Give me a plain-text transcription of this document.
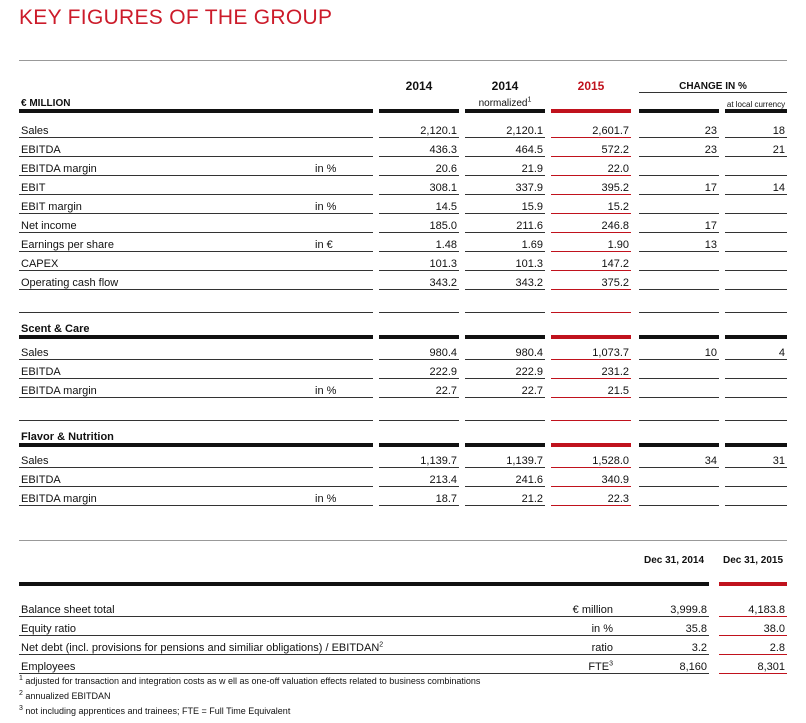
KEY FIGURES OF THE GROUP
			2014		2014		2015		CHANGE IN %		
€ MILLION					normalized$^1$						at local currency

Sales			2,120.1		2,120.1		2,601.7		23		18
EBITDA			436.3		464.5		572.2		23		21
EBITDA margin	in %		20.6		21.9		22.0				
EBIT			308.1		337.9		395.2		17		14
EBIT margin	in %		14.5		15.9		15.2				
Net income			185.0		211.6		246.8		17		
Earnings per share	in €		1.48		1.69		1.90		13		
CAPEX			101.3		101.3		147.2				
Operating cash flow			343.2		343.2		375.2				

Scent & Care											

Sales			980.4		980.4		1,073.7		10		4
EBITDA			222.9		222.9		231.2				
EBITDA margin	in %		22.7		22.7		21.5				

Flavor & Nutrition											

Sales			1,139.7		1,139.7		1,528.0		34		31
EBITDA			213.4		241.6		340.9				
EBITDA margin	in %		18.7		21.2		22.3				
			Dec 31, 2014		Dec 31, 2015

Balance sheet total	€ million		3,999.8		4,183.8
Equity ratio	in %		35.8		38.0
Net debt (incl. provisions for pensions and similiar obligations) / EBITDAN$^2$	ratio		3.2		2.8
Employees	FTE$^3$		8,160		8,301
$^1$ adjusted for transaction and integration costs as w ell as one-off valuation effects related to business combinations
$^2$ annualized EBITDAN
$^3$ not including apprentices and trainees; FTE = Full Time Equivalent
